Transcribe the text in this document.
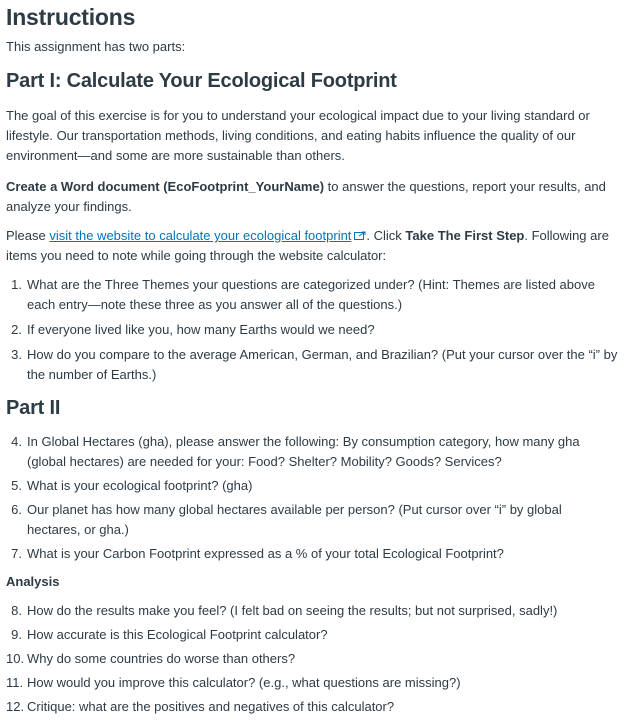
Instructions

This assignment has two parts:

Part I: Calculate Your Ecological Footprint

The goal of this exercise is for you to understand your ecological impact due to your living standard or lifestyle. Our transportation methods, living conditions, and eating habits influence the quality of our environment—and some are more sustainable than others.

Create a Word document (EcoFootprint_YourName) to answer the questions, report your results, and analyze your findings.

Please visit the website to calculate your ecological footprint . Click Take The First Step. Following are items you need to note while going through the website calculator:

1. What are the Three Themes your questions are categorized under? (Hint: Themes are listed above each entry—note these three as you answer all of the questions.)
2. If everyone lived like you, how many Earths would we need?
3. How do you compare to the average American, German, and Brazilian? (Put your cursor over the “i” by the number of Earths.)
Part II
4. In Global Hectares (gha), please answer the following: By consumption category, how many gha (global hectares) are needed for your: Food? Shelter? Mobility? Goods? Services?
5. What is your ecological footprint? (gha)
6. Our planet has how many global hectares available per person? (Put cursor over “i” by global hectares, or gha.)
7. What is your Carbon Footprint expressed as a % of your total Ecological Footprint?
Analysis
8. How do the results make you feel? (I felt bad on seeing the results; but not surprised, sadly!)
9. How accurate is this Ecological Footprint calculator?
10. Why do some countries do worse than others?
11. How would you improve this calculator? (e.g., what questions are missing?)
12. Critique: what are the positives and negatives of this calculator?
